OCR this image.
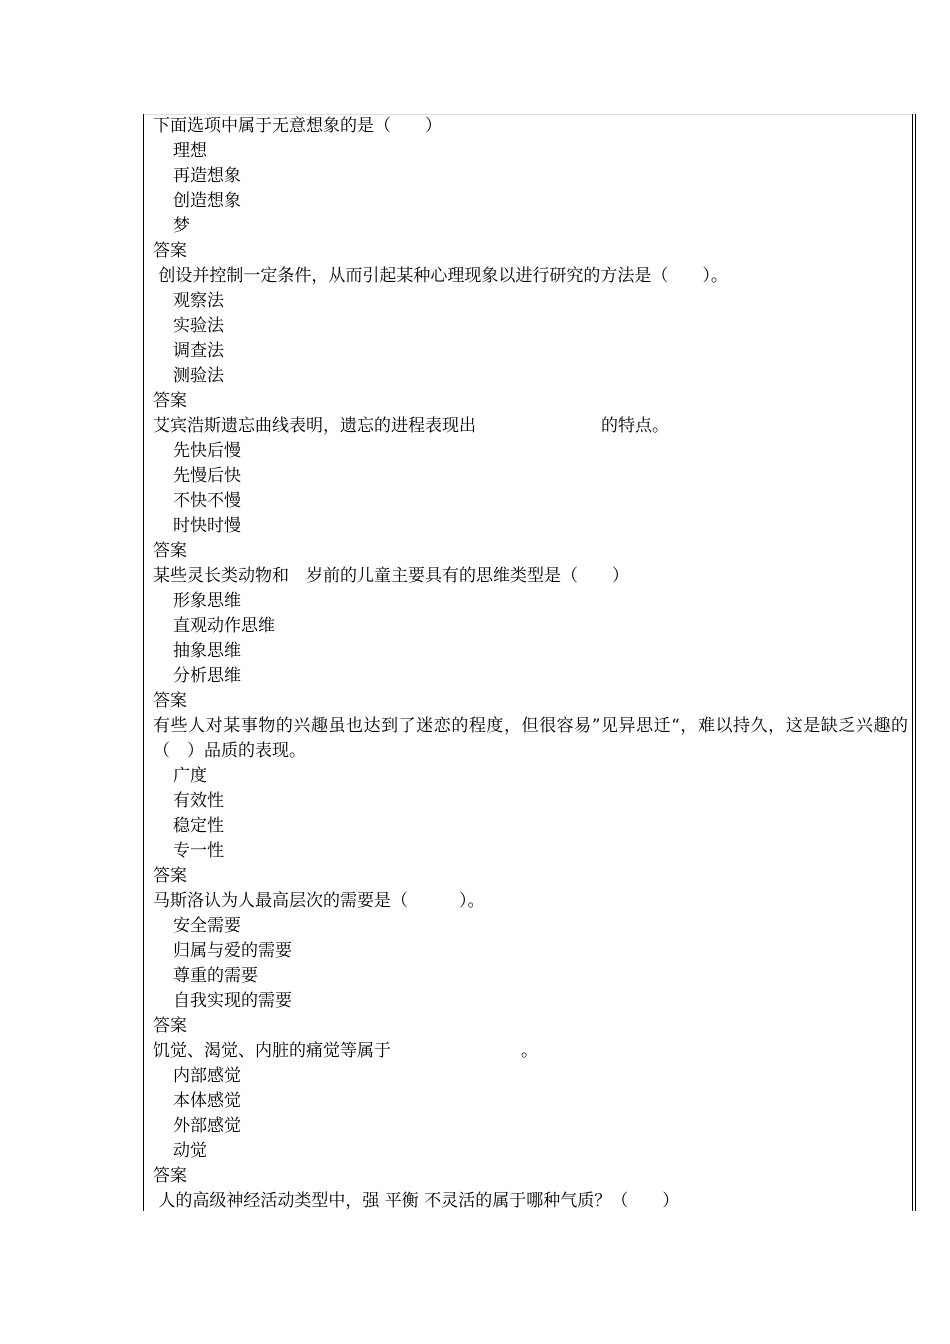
下面选项中属于无意想象的是（　　）
理想
再造想象
创造想象
梦
答案
创设并控制一定条件，从而引起某种心理现象以进行研究的方法是（　　）。
观察法
实验法
调查法
测验法
答案
艾宾浩斯遗忘曲线表明，遗忘的进程表现出	的特点。
先快后慢
先慢后快
不快不慢
时快时慢
答案
某些灵长类动物和　岁前的儿童主要具有的思维类型是（　　）
形象思维
直观动作思维
抽象思维
分析思维
答案
有些人对某事物的兴趣虽也达到了迷恋的程度，但很容易”见异思迁“，难以持久，这是缺乏兴趣的（　）品质的表现。
广度
有效性
稳定性
专一性
答案
马斯洛认为人最高层次的需要是（　　　）。
安全需要
归属与爱的需要
尊重的需要
自我实现的需要
答案
饥觉、渴觉、内脏的痛觉等属于	。
内部感觉
本体感觉
外部感觉
动觉
答案
人的高级神经活动类型中，强 平衡 不灵活的属于哪种气质？（　　）
